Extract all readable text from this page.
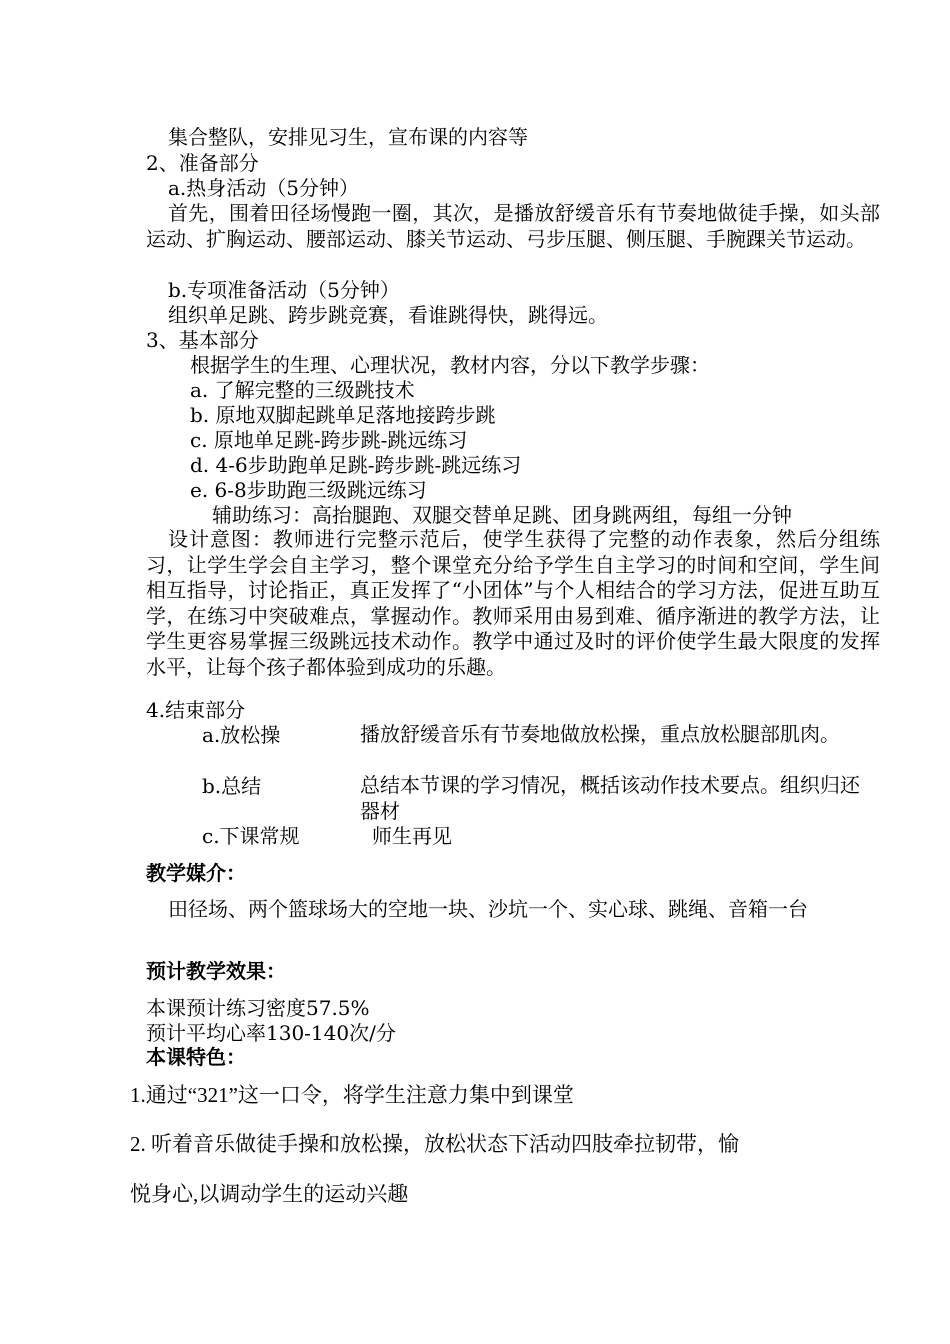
集合整队，安排见习生，宣布课的内容等
2、准备部分
a.热身活动（5分钟）
首先，围着田径场慢跑一圈，其次，是播放舒缓音乐有节奏地做徒手操，如头部运动、扩胸运动、腰部运动、膝关节运动、弓步压腿、侧压腿、手腕踝关节运动。
b.专项准备活动（5分钟）
组织单足跳、跨步跳竞赛，看谁跳得快，跳得远。
3、基本部分
根据学生的生理、心理状况，教材内容，分以下教学步骤：
a. 了解完整的三级跳技术
b. 原地双脚起跳单足落地接跨步跳
c. 原地单足跳-跨步跳-跳远练习
d. 4-6步助跑单足跳-跨步跳-跳远练习
e. 6-8步助跑三级跳远练习
辅助练习：高抬腿跑、双腿交替单足跳、团身跳两组，每组一分钟
设计意图：教师进行完整示范后，使学生获得了完整的动作表象，然后分组练习，让学生学会自主学习，整个课堂充分给予学生自主学习的时间和空间，学生间相互指导，讨论指正，真正发挥了“小团体”与个人相结合的学习方法，促进互助互学，在练习中突破难点，掌握动作。教师采用由易到难、循序渐进的教学方法，让学生更容易掌握三级跳远技术动作。教学中通过及时的评价使学生最大限度的发挥水平，让每个孩子都体验到成功的乐趣。
4.结束部分
a.放松操	播放舒缓音乐有节奏地做放松操，重点放松腿部肌肉。
b.总结	总结本节课的学习情况，概括该动作技术要点。组织归还器材
c.下课常规	师生再见
教学媒介：
田径场、两个篮球场大的空地一块、沙坑一个、实心球、跳绳、音箱一台
预计教学效果：
本课预计练习密度57.5%
预计平均心率130-140次/分
本课特色：
1.通过“321”这一口令，将学生注意力集中到课堂
2. 听着音乐做徒手操和放松操，放松状态下活动四肢牵拉韧带，愉
悦身心,以调动学生的运动兴趣
